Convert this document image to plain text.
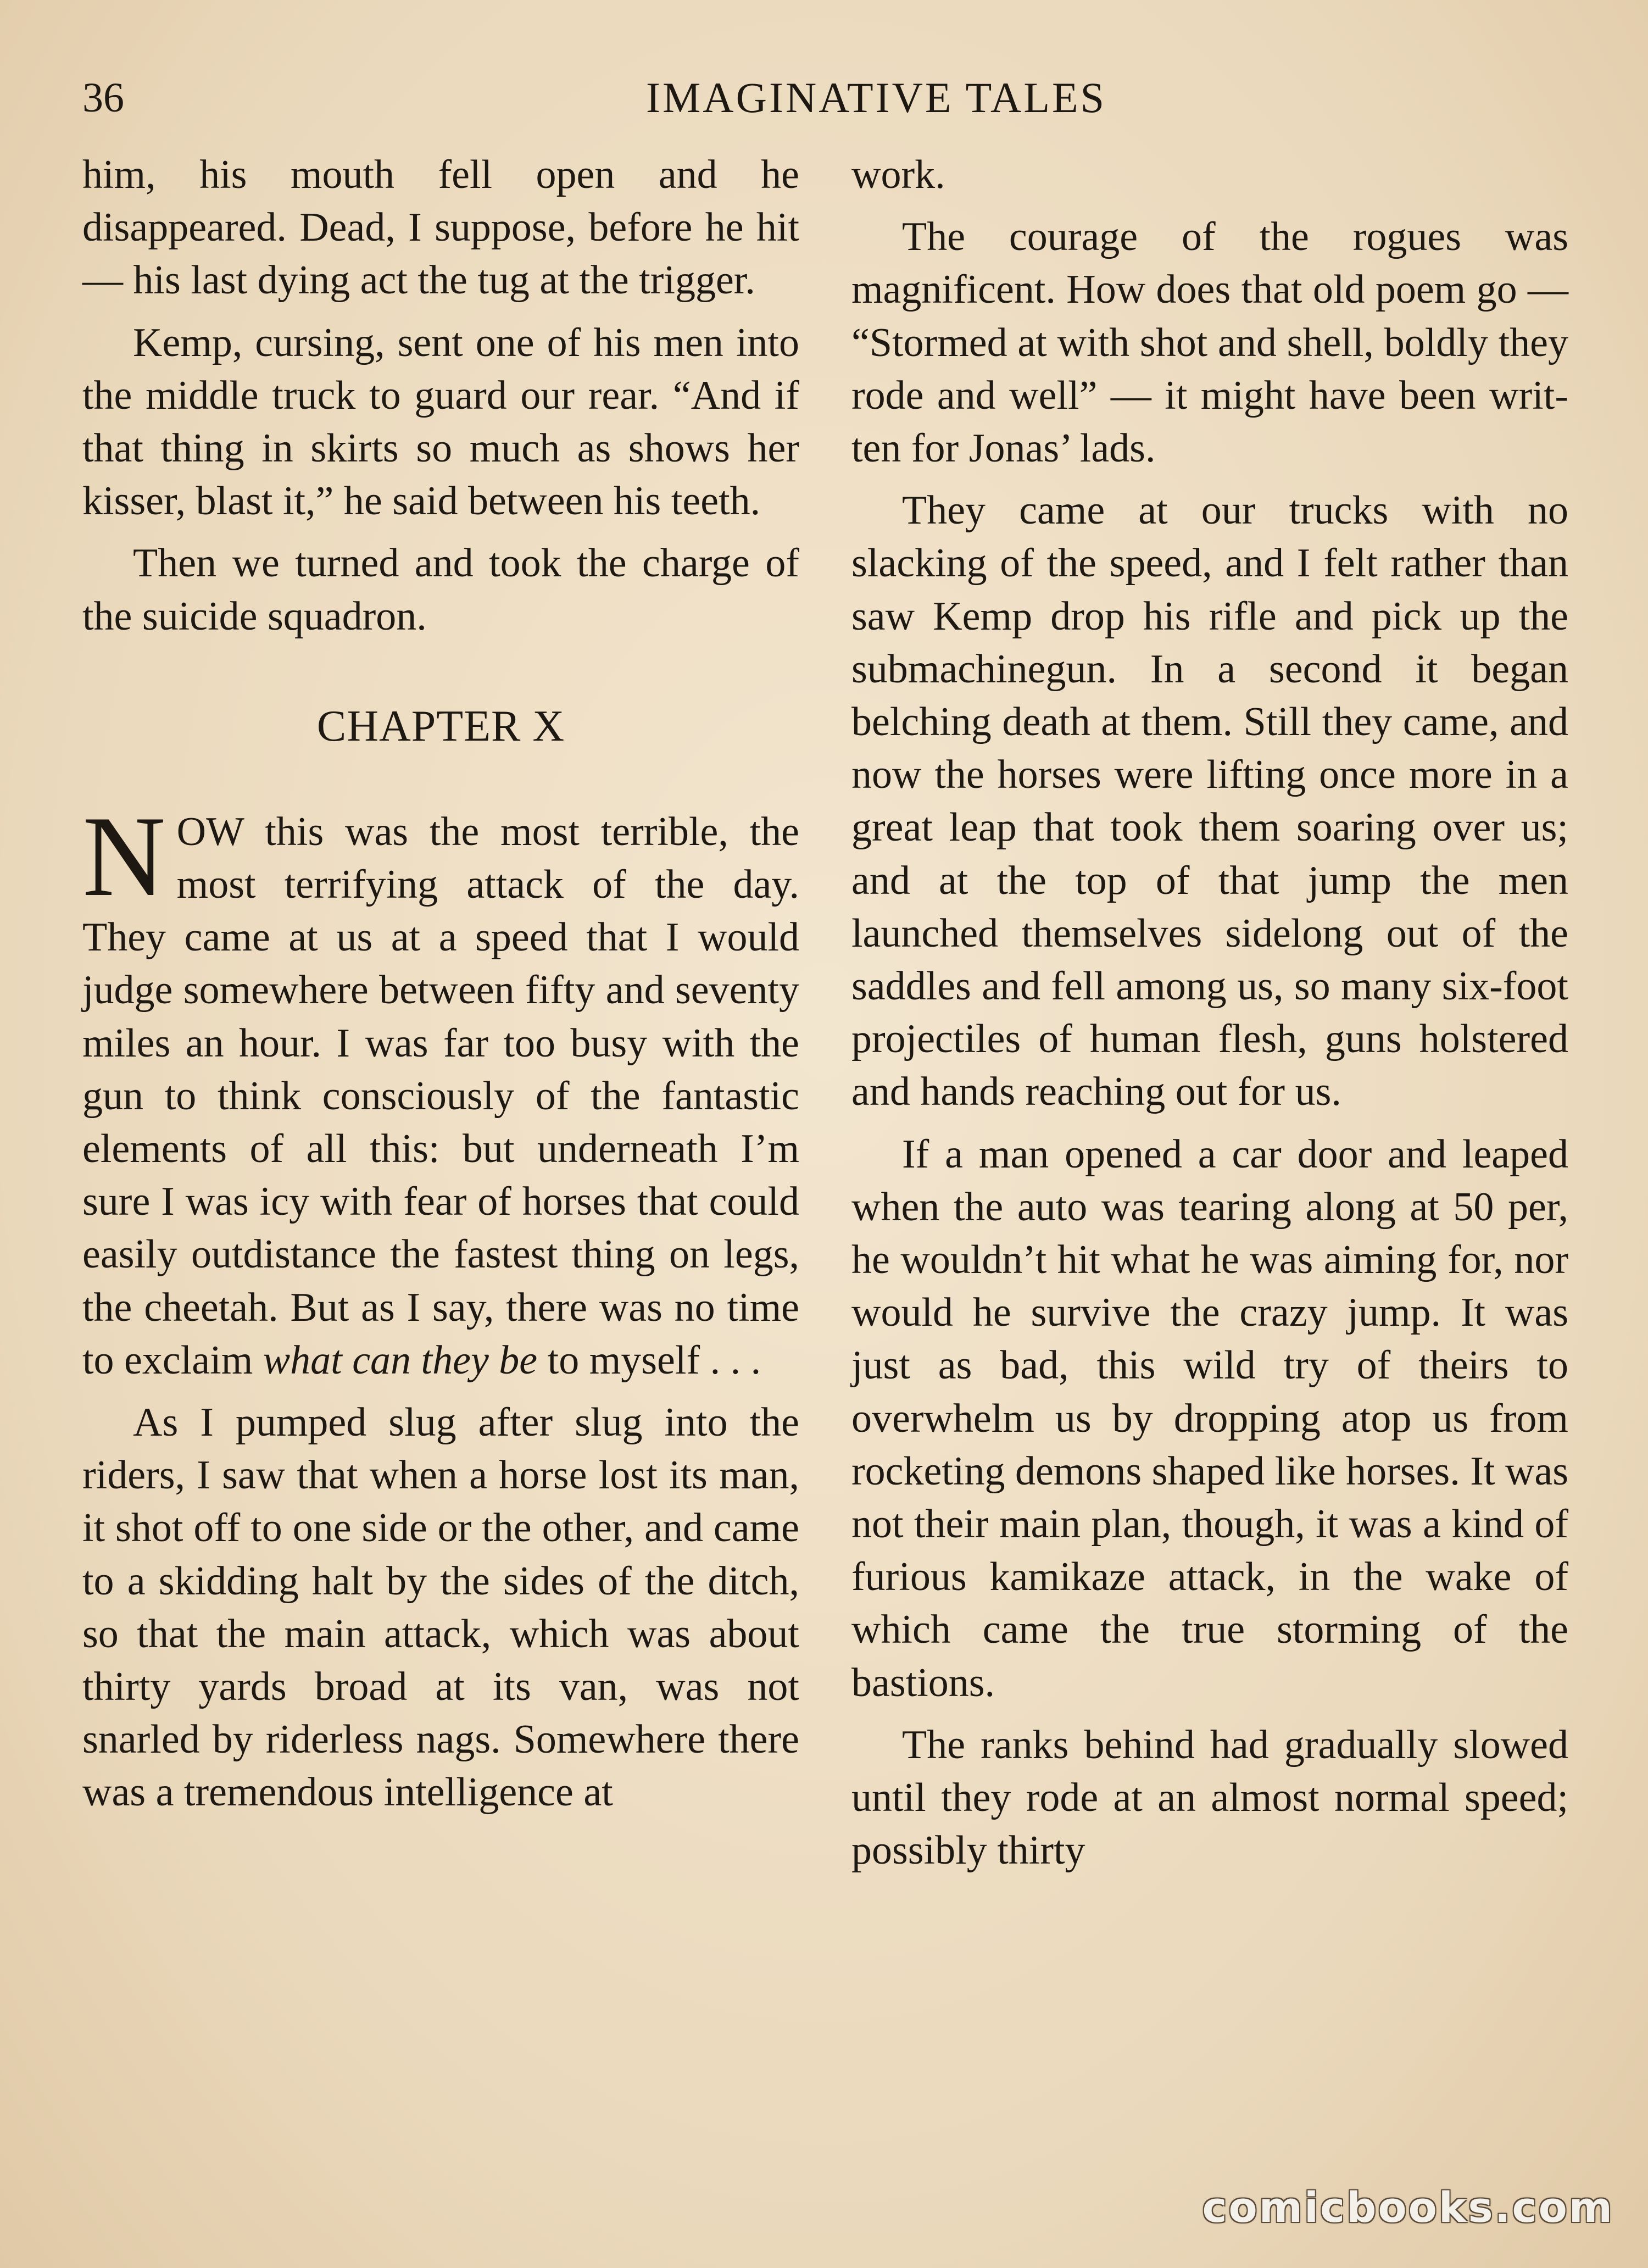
36	IMAGINATIVE TALES

him, his mouth fell open and he disappeared. Dead, I suppose, before he hit — his last dying act the tug at the trigger.

Kemp, cursing, sent one of his men into the middle truck to guard our rear. “And if that thing in skirts so much as shows her kisser, blast it,” he said between his teeth.

Then we turned and took the charge of the suicide squadron.

CHAPTER X

NOW this was the most terrible, the most terrifying attack of the day. They came at us at a speed that I would judge somewhere between fifty and seventy miles an hour. I was far too busy with the gun to think consciously of the fantastic elements of all this: but underneath I’m sure I was icy with fear of horses that could easily outdistance the fastest thing on legs, the cheetah. But as I say, there was no time to exclaim what can they be to myself . . .

As I pumped slug after slug into the riders, I saw that when a horse lost its man, it shot off to one side or the other, and came to a skidding halt by the sides of the ditch, so that the main attack, which was about thirty yards broad at its van, was not snarled by riderless nags. Somewhere there was a tremendous intelligence at

work.

The courage of the rogues was magnificent. How does that old poem go — “Stormed at with shot and shell, boldly they rode and well” — it might have been written for Jonas’ lads.

They came at our trucks with no slacking of the speed, and I felt rather than saw Kemp drop his rifle and pick up the submachinegun. In a second it began belching death at them. Still they came, and now the horses were lifting once more in a great leap that took them soaring over us; and at the top of that jump the men launched themselves sidelong out of the saddles and fell among us, so many six-foot projectiles of human flesh, guns holstered and hands reaching out for us.

If a man opened a car door and leaped when the auto was tearing along at 50 per, he wouldn’t hit what he was aiming for, nor would he survive the crazy jump. It was just as bad, this wild try of theirs to overwhelm us by dropping atop us from rocketing demons shaped like horses. It was not their main plan, though, it was a kind of furious kamikaze attack, in the wake of which came the true storming of the bastions.

The ranks behind had gradually slowed until they rode at an almost normal speed; possibly thirty

comicbooks.com
